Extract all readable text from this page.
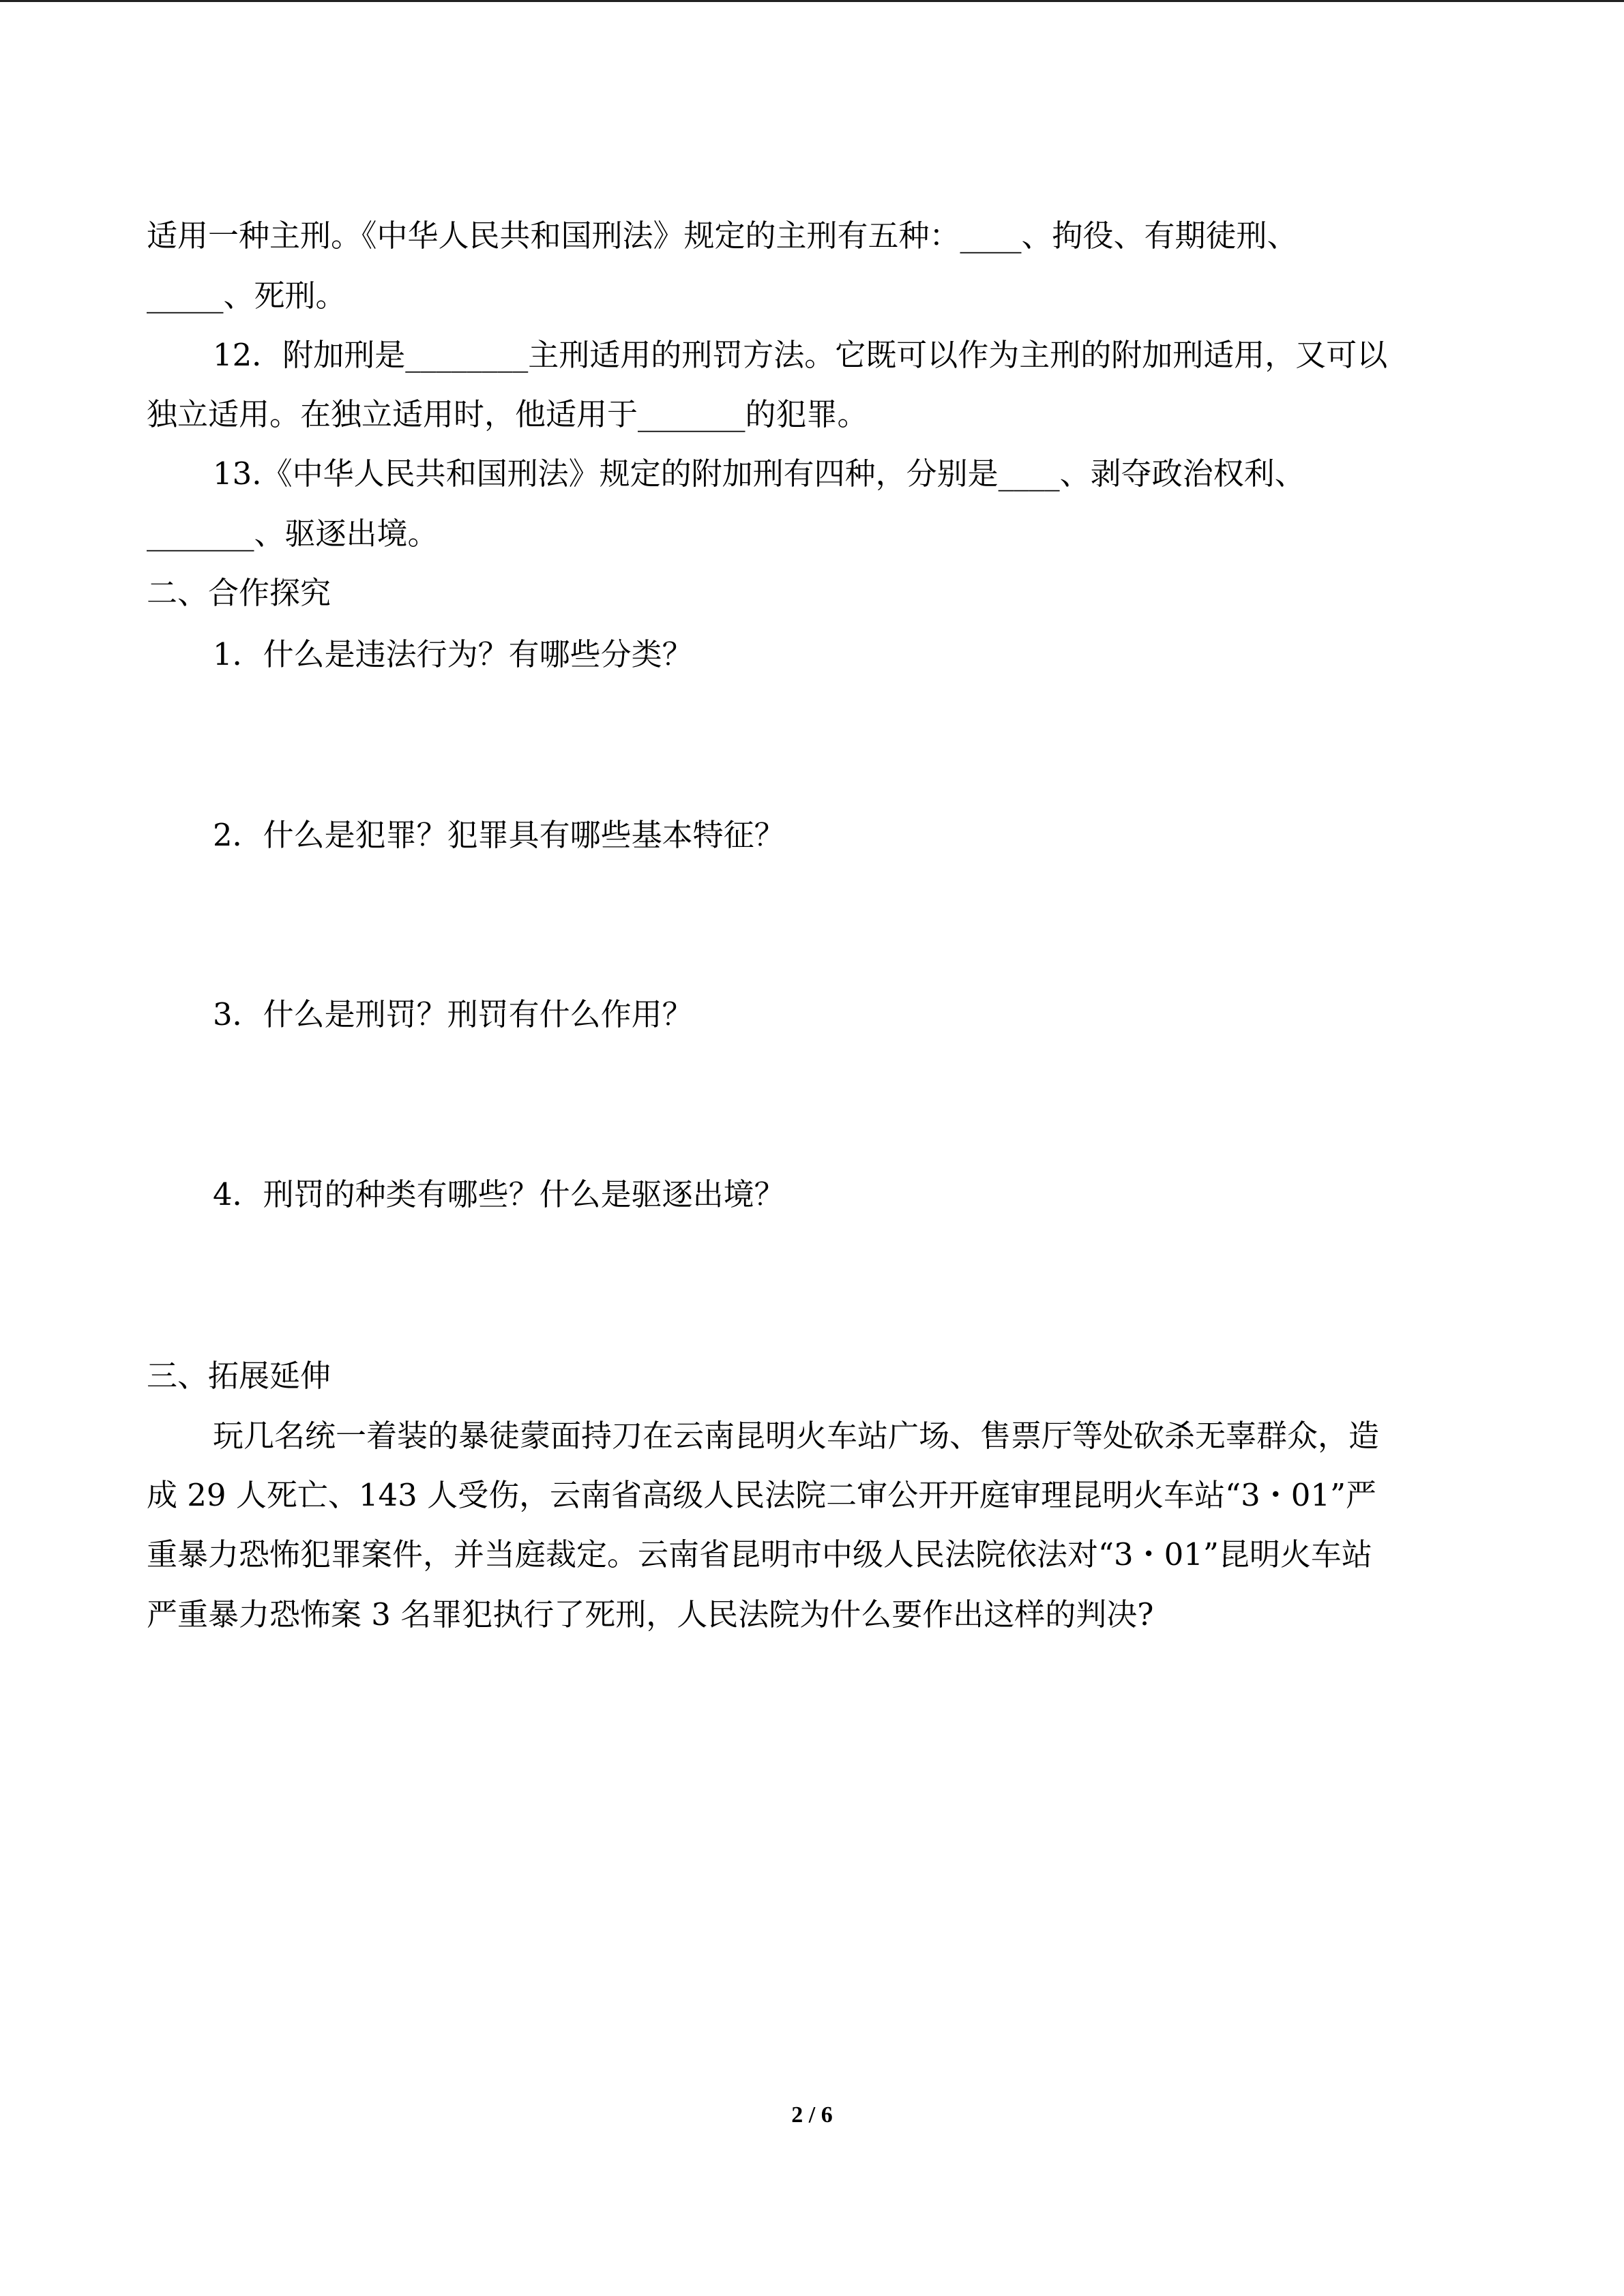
适用一种主刑。《中华人民共和国刑法》规定的主刑有五种：____、拘役、有期徒刑、
_____、死刑。
12．附加刑是________主刑适用的刑罚方法。它既可以作为主刑的附加刑适用，又可以
独立适用。在独立适用时，他适用于_______的犯罪。
13.《中华人民共和国刑法》规定的附加刑有四种，分别是____、剥夺政治权利、
_______、驱逐出境。
二、合作探究
1．什么是违法行为？有哪些分类？
2．什么是犯罪？犯罪具有哪些基本特征？
3．什么是刑罚？刑罚有什么作用？
4．刑罚的种类有哪些？什么是驱逐出境？
三、拓展延伸
玩几名统一着装的暴徒蒙面持刀在云南昆明火车站广场、售票厅等处砍杀无辜群众，造
成 29 人死亡、143 人受伤，云南省高级人民法院二审公开开庭审理昆明火车站“3・01”严
重暴力恐怖犯罪案件，并当庭裁定。云南省昆明市中级人民法院依法对“3・01”昆明火车站
严重暴力恐怖案 3 名罪犯执行了死刑，人民法院为什么要作出这样的判决?
2 / 6
